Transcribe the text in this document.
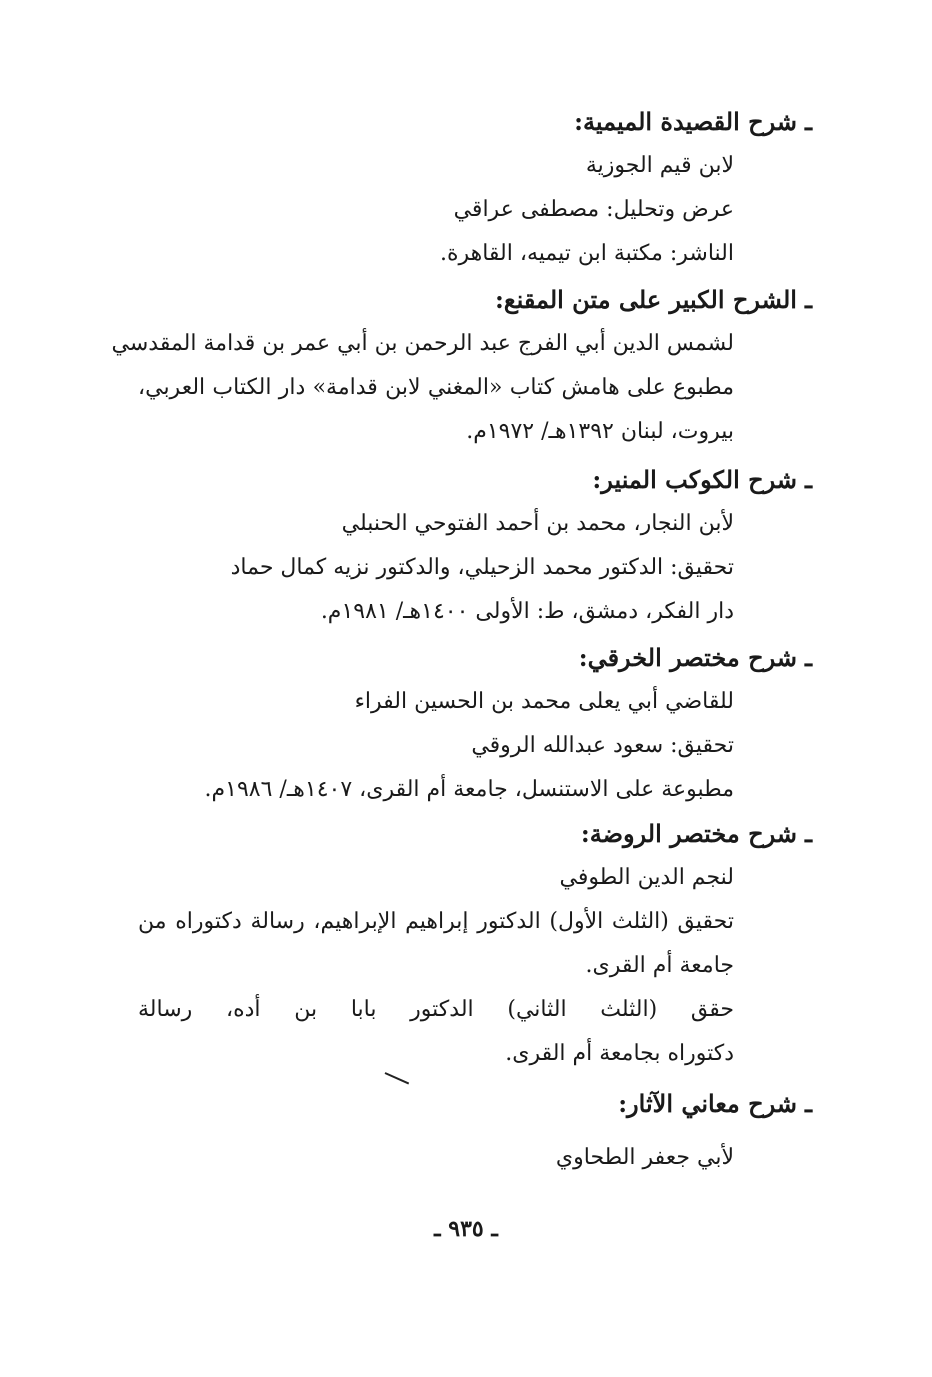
ـشرح القصيدة الميمية:
لابن قيم الجوزية
عرض وتحليل: مصطفى عراقي
الناشر: مكتبة ابن تيميه، القاهرة.
ـالشرح الكبير على متن المقنع:
لشمس الدين أبي الفرج عبد الرحمن بن أبي عمر بن قدامة المقدسي
مطبوع على هامش كتاب «المغني لابن قدامة» دار الكتاب العربي،
بيروت، لبنان ١٣٩٢هـ/ ١٩٧٢م.
ـشرح الكوكب المنير:
لأبن النجار، محمد بن أحمد الفتوحي الحنبلي
تحقيق: الدكتور محمد الزحيلي، والدكتور نزيه كمال حماد
دار الفكر، دمشق، ط: الأولى ١٤٠٠هـ/ ١٩٨١م.
ـشرح مختصر الخرقي:
للقاضي أبي يعلى محمد بن الحسين الفراء
تحقيق: سعود عبدالله الروقي
مطبوعة على الاستنسل، جامعة أم القرى، ١٤٠٧هـ/ ١٩٨٦م.
ـشرح مختصر الروضة:
لنجم الدين الطوفي
تحقيق (الثلث الأول) الدكتور إبراهيم الإبراهيم، رسالة دكتوراه من
جامعة أم القرى.
حقق (الثلث الثاني) الدكتور بابا بن أده، رسالة
دكتوراه بجامعة أم القرى.
ـشرح معاني الآثار:
لأبي جعفر الطحاوي
ـ ٩٣٥ ـ
